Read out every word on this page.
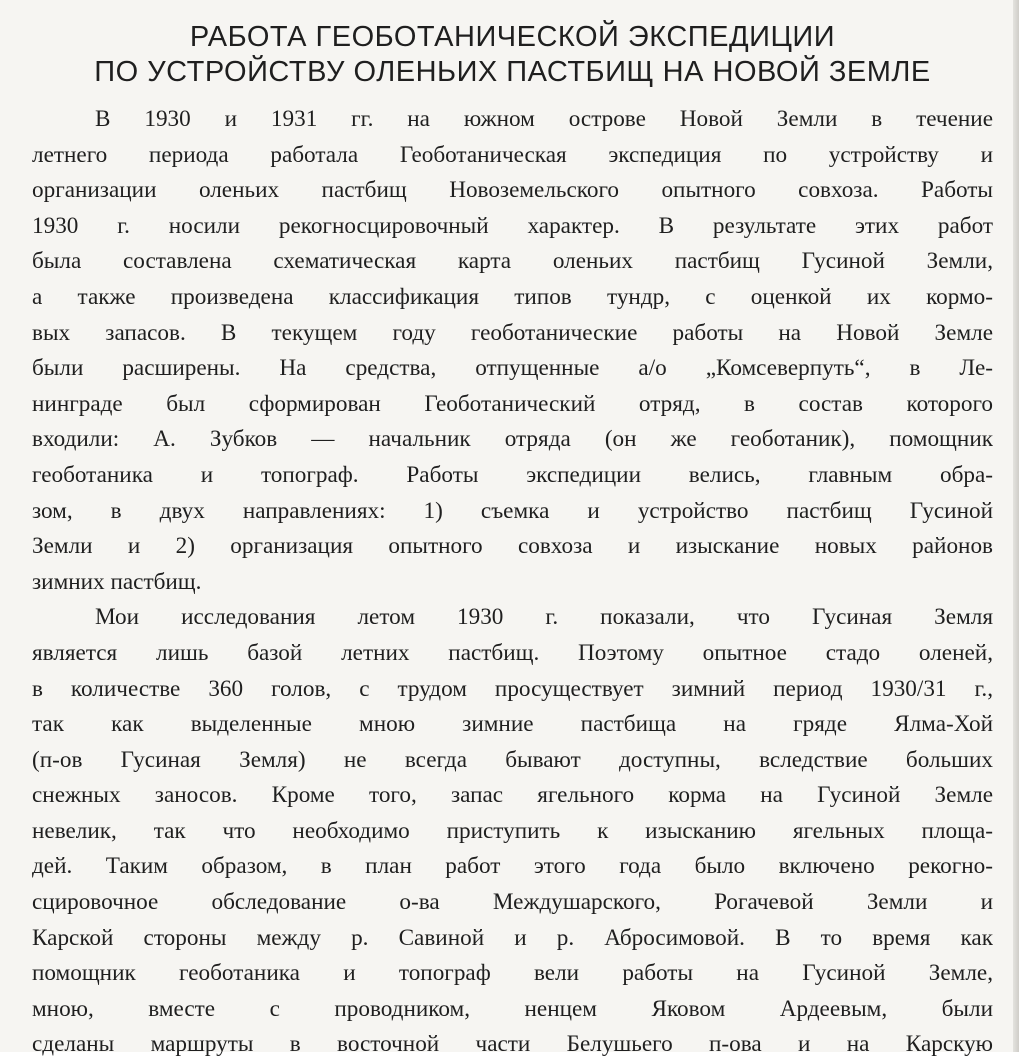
РАБОТА ГЕОБОТАНИЧЕСКОЙ ЭКСПЕДИЦИИ
ПО УСТРОЙСТВУ ОЛЕНЬИХ ПАСТБИЩ НА НОВОЙ ЗЕМЛЕ
В 1930 и 1931 гг. на южном острове Новой Земли в течение
летнего периода работала Геоботаническая экспедиция по устройству и
организации оленьих пастбищ Новоземельского опытного совхоза. Работы
1930 г. носили рекогносцировочный характер. В результате этих работ
была составлена схематическая карта оленьих пастбищ Гусиной Земли,
а также произведена классификация типов тундр, с оценкой их кормо-
вых запасов. В текущем году геоботанические работы на Новой Земле
были расширены. На средства, отпущенные а/о „Комсеверпуть“, в Ле-
нинграде был сформирован Геоботанический отряд, в состав которого
входили: А. Зубков — начальник отряда (он же геоботаник), помощник
геоботаника и топограф. Работы экспедиции велись, главным обра-
зом, в двух направлениях: 1) съемка и устройство пастбищ Гусиной
Земли и 2) организация опытного совхоза и изыскание новых районов
зимних пастбищ.
Мои исследования летом 1930 г. показали, что Гусиная Земля
является лишь базой летних пастбищ. Поэтому опытное стадо оленей,
в количестве 360 голов, с трудом просуществует зимний период 1930/31 г.,
так как выделенные мною зимние пастбища на гряде Ялма-Хой
(п-ов Гусиная Земля) не всегда бывают доступны, вследствие больших
снежных заносов. Кроме того, запас ягельного корма на Гусиной Земле
невелик, так что необходимо приступить к изысканию ягельных площа-
дей. Таким образом, в план работ этого года было включено рекогно-
сцировочное обследование о-ва Междушарского, Рогачевой Земли и
Карской стороны между р. Савиной и р. Абросимовой. В то время как
помощник геоботаника и топограф вели работы на Гусиной Земле,
мною, вместе с проводником, ненцем Яковом Ардеевым, были
сделаны маршруты в восточной части Белушьего п-ова и на Карскую
